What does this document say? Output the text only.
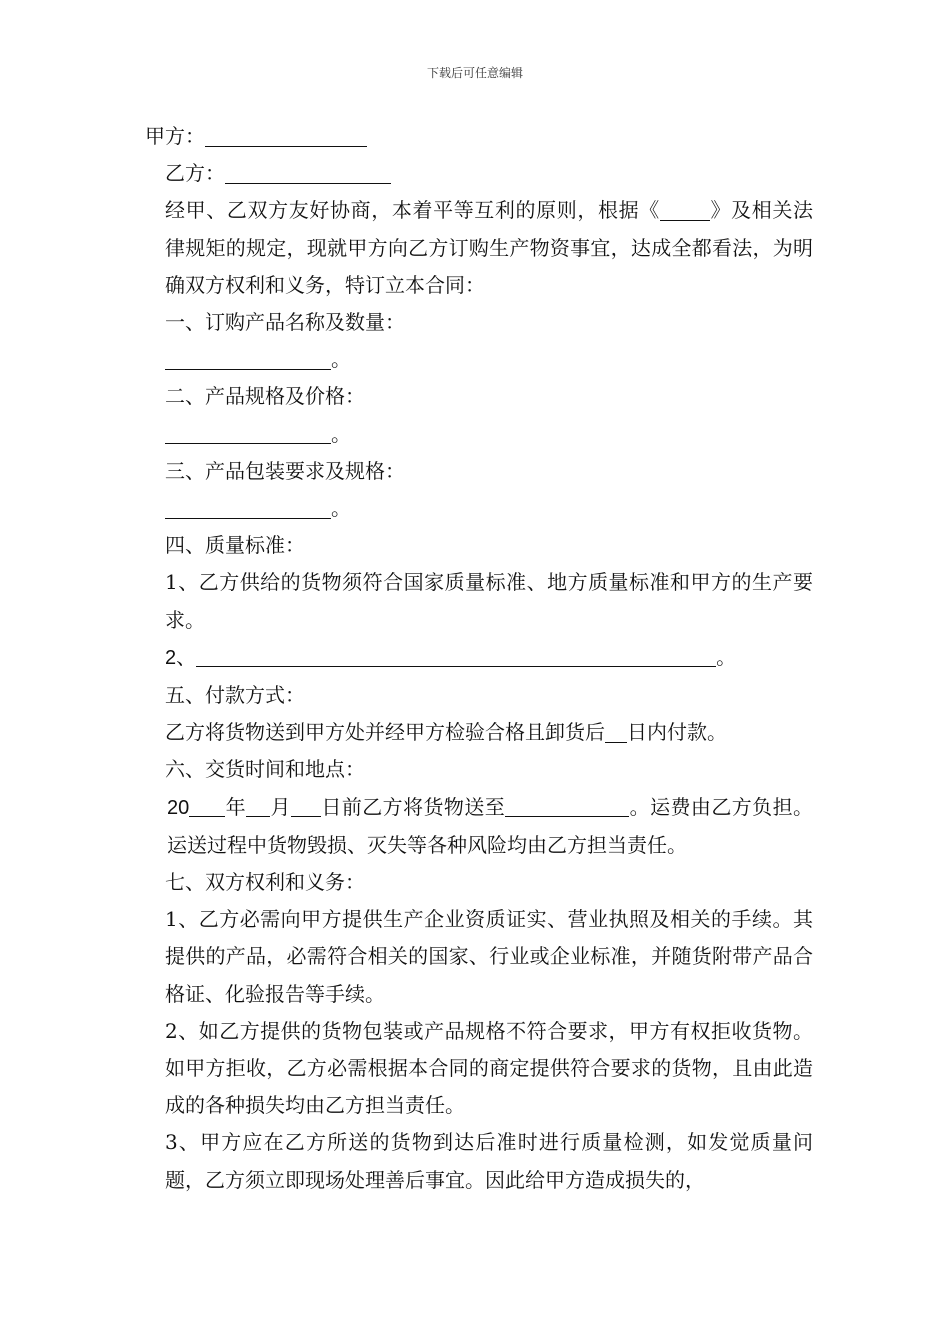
下载后可任意编辑

甲方：

乙方：

经甲、乙双方友好协商，本着平等互利的原则，根据《	》及相关法律规矩的规定，现就甲方向乙方订购生产物资事宜，达成全都看法，为明确双方权利和义务，特订立本合同：

一、订购产品名称及数量：

。

二、产品规格及价格：

。

三、产品包装要求及规格：

。

四、质量标准：

1、乙方供给的货物须符合国家质量标准、地方质量标准和甲方的生产要求。

2、	。

五、付款方式：

乙方将货物送到甲方处并经甲方检验合格且卸货后 日内付款。

六、交货时间和地点：

20 年 月 日前乙方将货物送至	。运费由乙方负担。运送过程中货物毁损、灭失等各种风险均由乙方担当责任。

七、双方权利和义务：

1、乙方必需向甲方提供生产企业资质证实、营业执照及相关的手续。其提供的产品，必需符合相关的国家、行业或企业标准，并随货附带产品合格证、化验报告等手续。

2、如乙方提供的货物包装或产品规格不符合要求，甲方有权拒收货物。如甲方拒收，乙方必需根据本合同的商定提供符合要求的货物，且由此造成的各种损失均由乙方担当责任。

3、甲方应在乙方所送的货物到达后准时进行质量检测，如发觉质量问题，乙方须立即现场处理善后事宜。因此给甲方造成损失的，
